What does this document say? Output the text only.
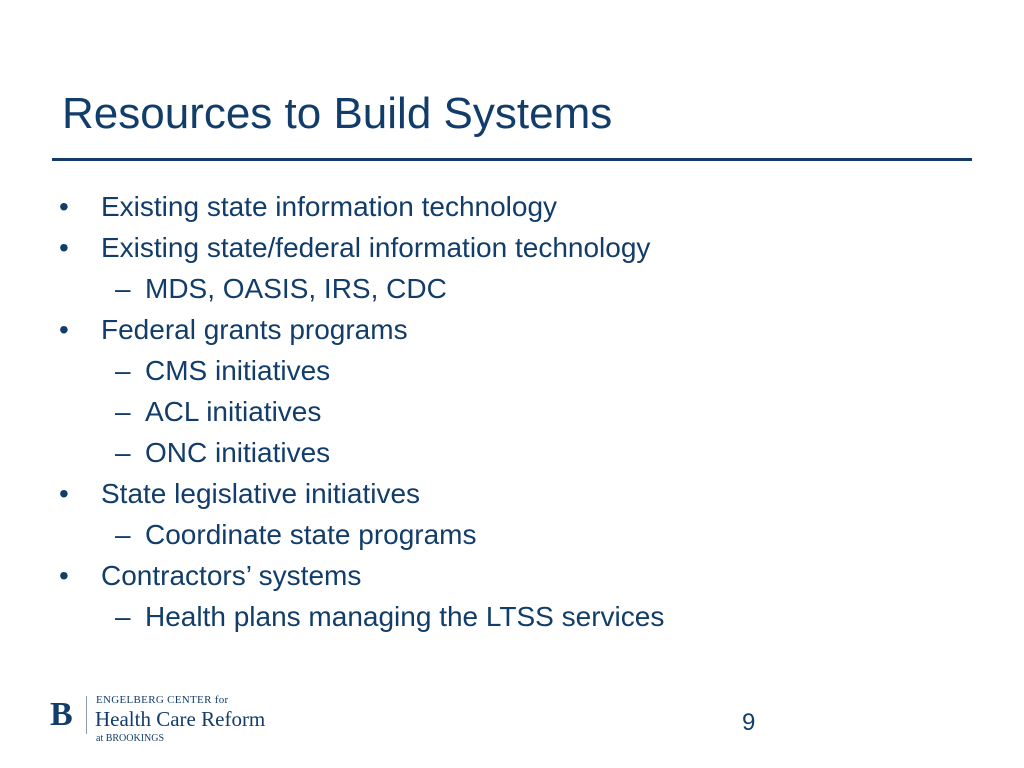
Resources to Build Systems
• Existing state information technology
• Existing state/federal information technology
– MDS, OASIS, IRS, CDC
• Federal grants programs
– CMS initiatives
– ACL initiatives
– ONC initiatives
• State legislative initiatives
– Coordinate state programs
• Contractors’ systems
– Health plans managing the LTSS services
B ENGELBERG CENTER for
Health Care Reform
at BROOKINGS
9
